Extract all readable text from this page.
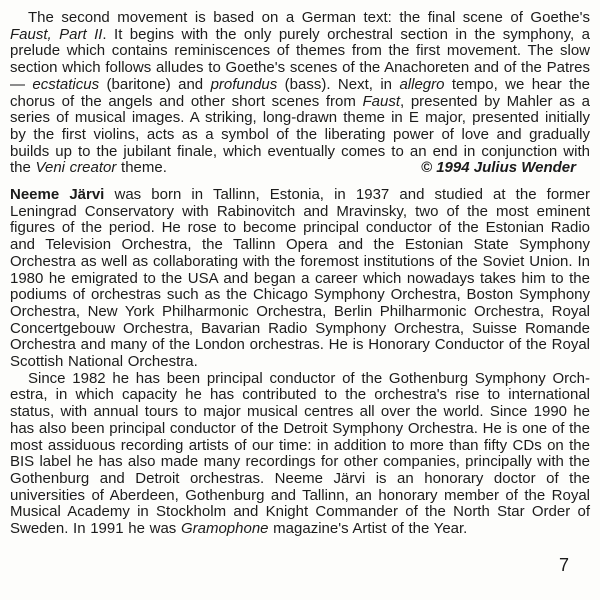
The second movement is based on a German text: the final scene of Goethe's Faust, Part II. It begins with the only purely orchestral section in the symphony, a prelude which contains reminiscences of themes from the first movement. The slow section which follows alludes to Goethe's scenes of the Anachoreten and of the Patres — ecstaticus (baritone) and profundus (bass). Next, in allegro tempo, we hear the chorus of the angels and other short scenes from Faust, presented by Mahler as a series of musical images. A striking, long-drawn theme in E major, presented initially by the first violins, acts as a symbol of the liberating power of love and gradually builds up to the jubilant finale, which eventually comes to an end in conjunction with the Veni creator theme.	© 1994 Julius Wender

Neeme Järvi was born in Tallinn, Estonia, in 1937 and studied at the former Leningrad Conservatory with Rabinovitch and Mravinsky, two of the most eminent figures of the period. He rose to become principal conductor of the Estonian Radio and Television Orchestra, the Tallinn Opera and the Estonian State Symphony Orchestra as well as collaborating with the foremost institutions of the Soviet Union. In 1980 he emigrated to the USA and began a career which nowadays takes him to the podiums of orchestras such as the Chicago Symphony Orchestra, Boston Symphony Orchestra, New York Philharmonic Orchestra, Berlin Philharmonic Orchestra, Royal Concertgebouw Orchestra, Bavarian Radio Symphony Orchestra, Suisse Romande Orchestra and many of the London orchestras. He is Honorary Conductor of the Royal Scottish National Orchestra.

Since 1982 he has been principal conductor of the Gothenburg Symphony Orchestra, in which capacity he has contributed to the orchestra's rise to international status, with annual tours to major musical centres all over the world. Since 1990 he has also been principal conductor of the Detroit Symphony Orchestra. He is one of the most assiduous recording artists of our time: in addition to more than fifty CDs on the BIS label he has also made many recordings for other companies, principally with the Gothenburg and Detroit orchestras. Neeme Järvi is an honorary doctor of the universities of Aberdeen, Gothenburg and Tallinn, an honorary member of the Royal Musical Academy in Stockholm and Knight Commander of the North Star Order of Sweden. In 1991 he was Gramophone magazine's Artist of the Year.

7
